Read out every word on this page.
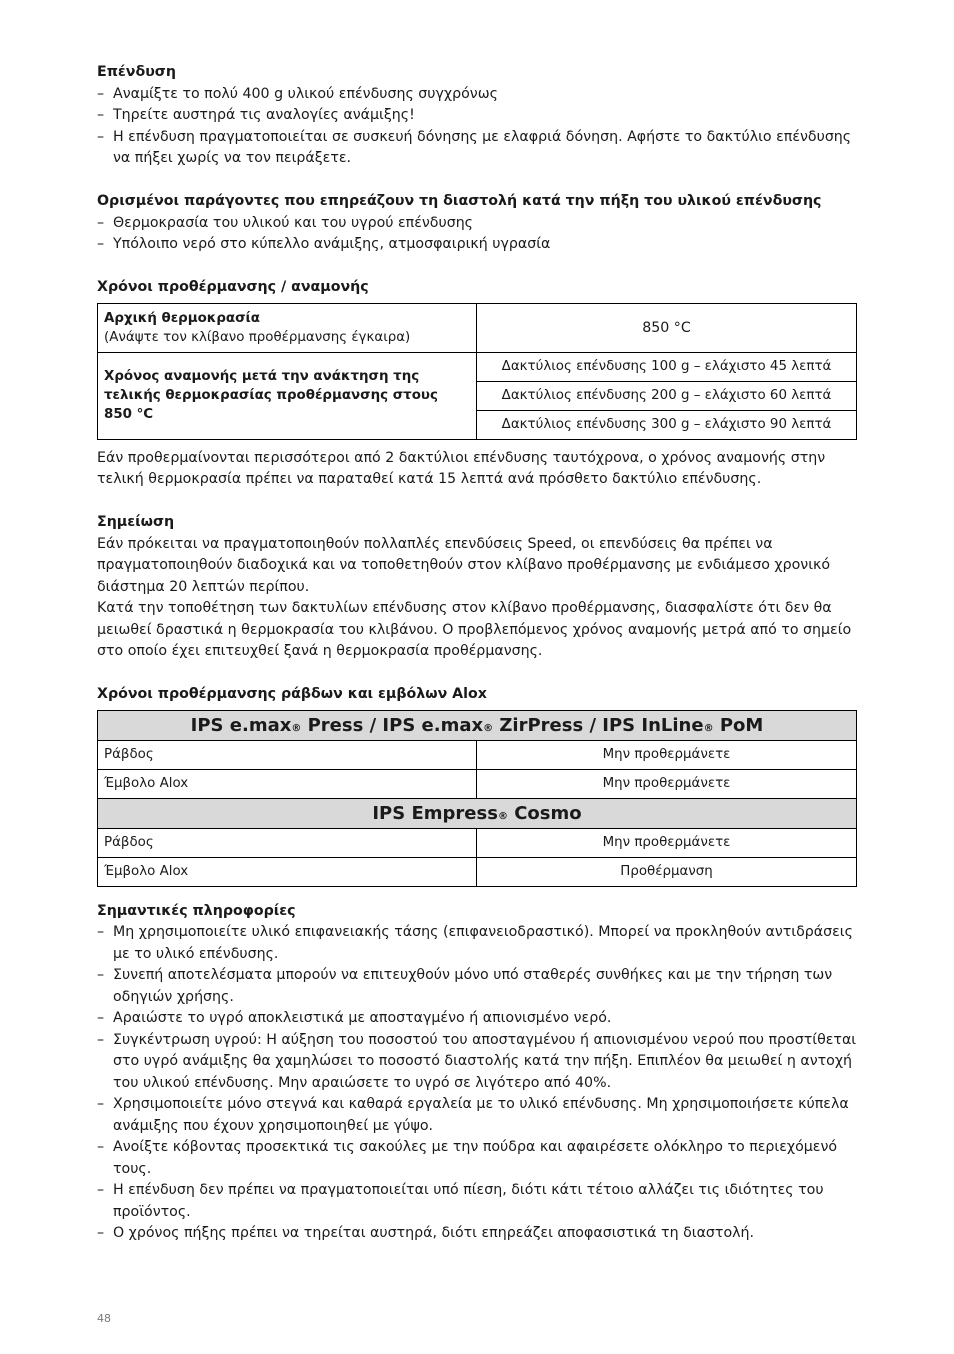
Επένδυση
– Αναμίξτε το πολύ 400 g υλικού επένδυσης συγχρόνως
– Τηρείτε αυστηρά τις αναλογίες ανάμιξης!
– Η επένδυση πραγματοποιείται σε συσκευή δόνησης με ελαφριά δόνηση. Αφήστε το δακτύλιο επένδυσης να πήξει χωρίς να τον πειράξετε.
Ορισμένοι παράγοντες που επηρεάζουν τη διαστολή κατά την πήξη του υλικού επένδυσης
– Θερμοκρασία του υλικού και του υγρού επένδυσης
– Υπόλοιπο νερό στο κύπελλο ανάμιξης, ατμοσφαιρική υγρασία
Χρόνοι προθέρμανσης / αναμονής
Αρχική θερμοκρασία
(Ανάψτε τον κλίβανο προθέρμανσης έγκαιρα)	850 °C
Χρόνος αναμονής μετά την ανάκτηση της τελικής θερμοκρασίας προθέρμανσης στους 850 °C	Δακτύλιος επένδυσης 100 g – ελάχιστο 45 λεπτά
	Δακτύλιος επένδυσης 200 g – ελάχιστο 60 λεπτά
	Δακτύλιος επένδυσης 300 g – ελάχιστο 90 λεπτά

Εάν προθερμαίνονται περισσότεροι από 2 δακτύλιοι επένδυσης ταυτόχρονα, ο χρόνος αναμονής στην τελική θερμοκρασία πρέπει να παραταθεί κατά 15 λεπτά ανά πρόσθετο δακτύλιο επένδυσης.

Σημείωση

Εάν πρόκειται να πραγματοποιηθούν πολλαπλές επενδύσεις Speed, οι επενδύσεις θα πρέπει να πραγματοποιηθούν διαδοχικά και να τοποθετηθούν στον κλίβανο προθέρμανσης με ενδιάμεσο χρονικό διάστημα 20 λεπτών περίπου.

Κατά την τοποθέτηση των δακτυλίων επένδυσης στον κλίβανο προθέρμανσης, διασφαλίστε ότι δεν θα μειωθεί δραστικά η θερμοκρασία του κλιβάνου. Ο προβλεπόμενος χρόνος αναμονής μετρά από το σημείο στο οποίο έχει επιτευχθεί ξανά η θερμοκρασία προθέρμανσης.

Χρόνοι προθέρμανσης ράβδων και εμβόλων Alox
IPS e.max® Press / IPS e.max® ZirPress / IPS InLine® PoM	
Ράβδος	Μην προθερμάνετε
Έμβολο Alox	Μην προθερμάνετε
IPS Empress® Cosmo	
Ράβδος	Μην προθερμάνετε
Έμβολο Alox	Προθέρμανση
Σημαντικές πληροφορίες
– Μη χρησιμοποιείτε υλικό επιφανειακής τάσης (επιφανειοδραστικό). Μπορεί να προκληθούν αντιδράσεις με το υλικό επένδυσης.
– Συνεπή αποτελέσματα μπορούν να επιτευχθούν μόνο υπό σταθερές συνθήκες και με την τήρηση των οδηγιών χρήσης.
– Αραιώστε το υγρό αποκλειστικά με αποσταγμένο ή απιονισμένο νερό.
– Συγκέντρωση υγρού: Η αύξηση του ποσοστού του αποσταγμένου ή απιονισμένου νερού που προστίθεται στο υγρό ανάμιξης θα χαμηλώσει το ποσοστό διαστολής κατά την πήξη. Επιπλέον θα μειωθεί η αντοχή του υλικού επένδυσης. Μην αραιώσετε το υγρό σε λιγότερο από 40%.
– Χρησιμοποιείτε μόνο στεγνά και καθαρά εργαλεία με το υλικό επένδυσης. Μη χρησιμοποιήσετε κύπελα ανάμιξης που έχουν χρησιμοποιηθεί με γύψο.
– Ανοίξτε κόβοντας προσεκτικά τις σακούλες με την πούδρα και αφαιρέσετε ολόκληρο το περιεχόμενό τους.
– Η επένδυση δεν πρέπει να πραγματοποιείται υπό πίεση, διότι κάτι τέτοιο αλλάζει τις ιδιότητες του προϊόντος.
– Ο χρόνος πήξης πρέπει να τηρείται αυστηρά, διότι επηρεάζει αποφασιστικά τη διαστολή.
48
